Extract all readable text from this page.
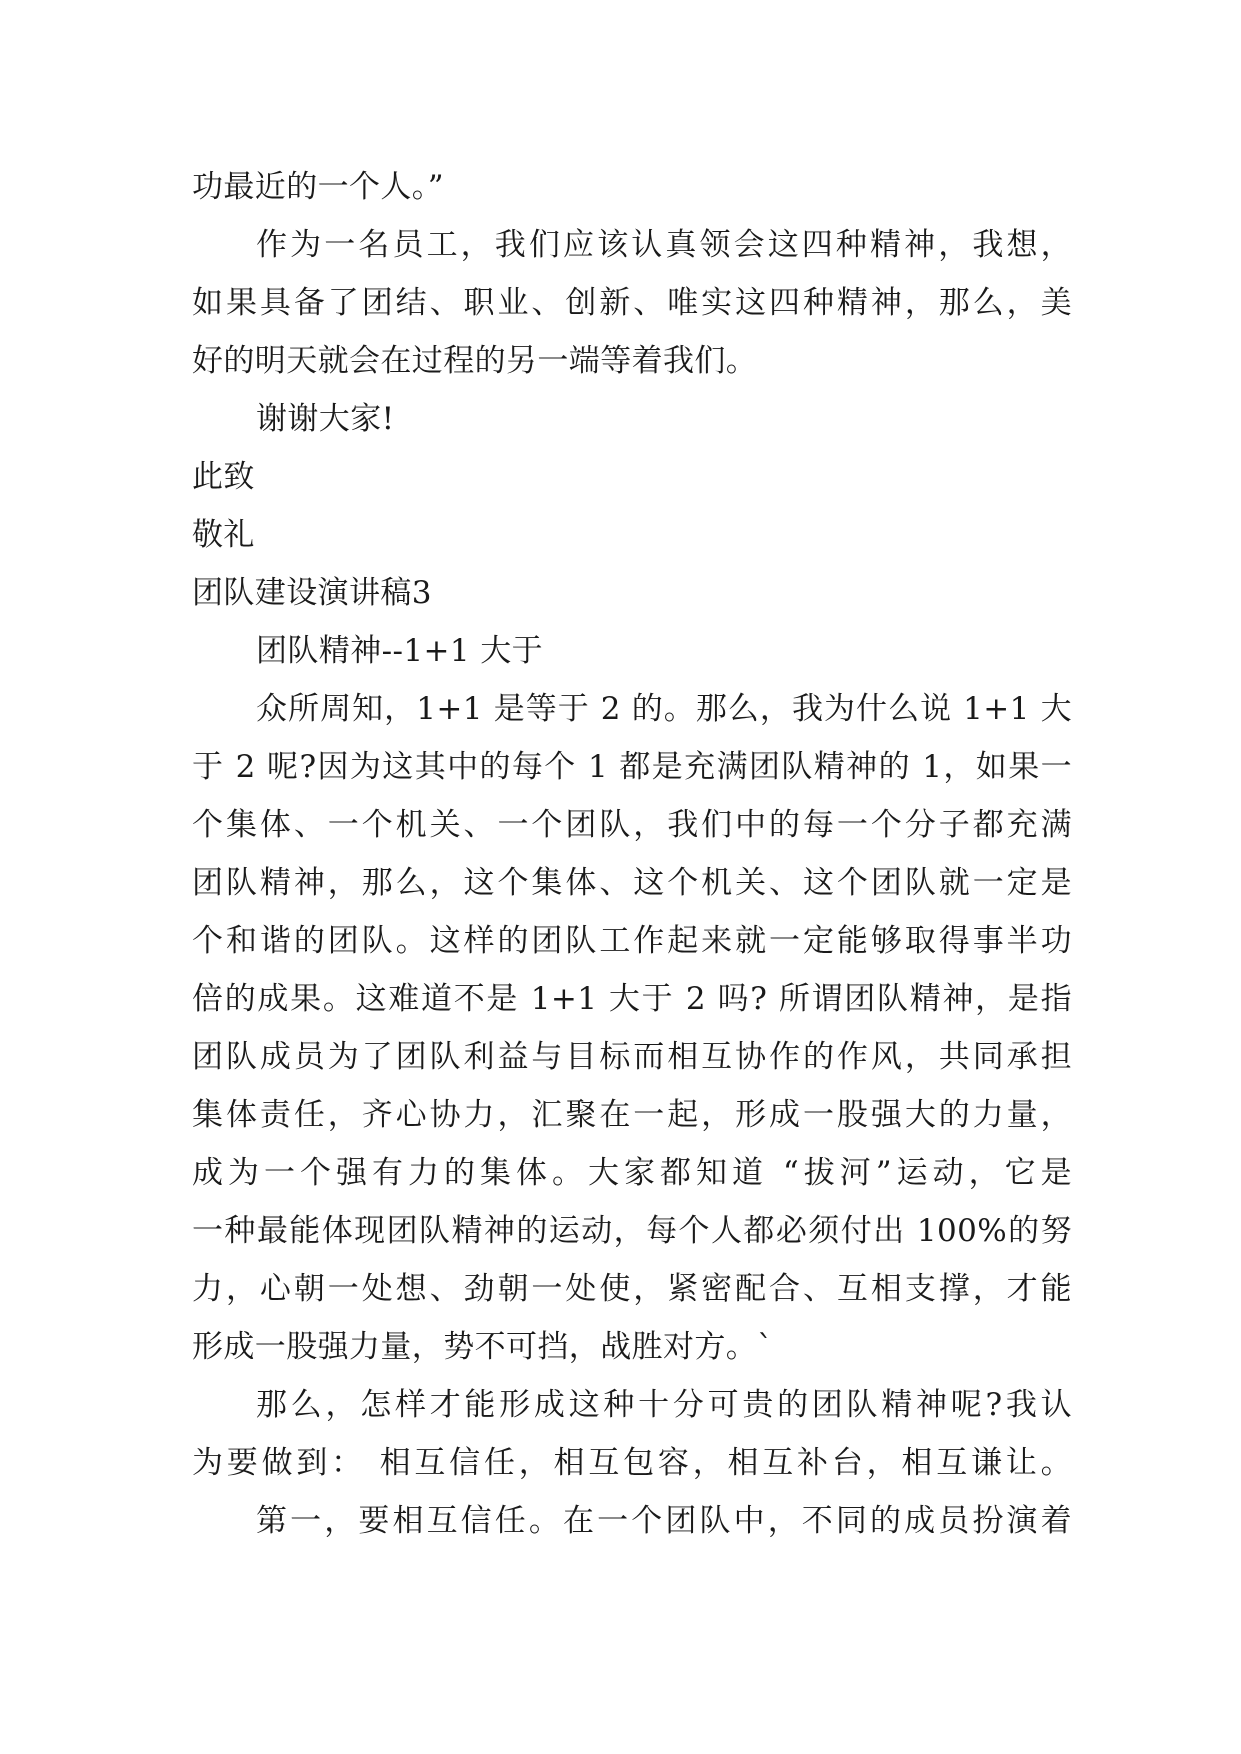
功最近的一个人。”
作为一名员工，我们应该认真领会这四种精神，我想，
如果具备了团结、职业、创新、唯实这四种精神，那么，美
好的明天就会在过程的另一端等着我们。
谢谢大家!
此致
敬礼
团队建设演讲稿3
团队精神--1+1 大于
众所周知，1+1 是等于 2 的。那么，我为什么说 1+1 大
于 2 呢?因为这其中的每个 1 都是充满团队精神的 1，如果一
个集体、一个机关、一个团队，我们中的每一个分子都充满
团队精神，那么，这个集体、这个机关、这个团队就一定是
个和谐的团队。这样的团队工作起来就一定能够取得事半功
倍的成果。这难道不是 1+1 大于 2 吗? 所谓团队精神，是指
团队成员为了团队利益与目标而相互协作的作风，共同承担
集体责任，齐心协力，汇聚在一起，形成一股强大的力量，
成为一个强有力的集体。大家都知道 “拔河”运动，它是
一种最能体现团队精神的运动，每个人都必须付出 100%的努
力，心朝一处想、劲朝一处使，紧密配合、互相支撑，才能
形成一股强力量，势不可挡，战胜对方。`
那么，怎样才能形成这种十分可贵的团队精神呢?我认
为要做到： 相互信任，相互包容，相互补台，相互谦让。
第一，要相互信任。在一个团队中，不同的成员扮演着
